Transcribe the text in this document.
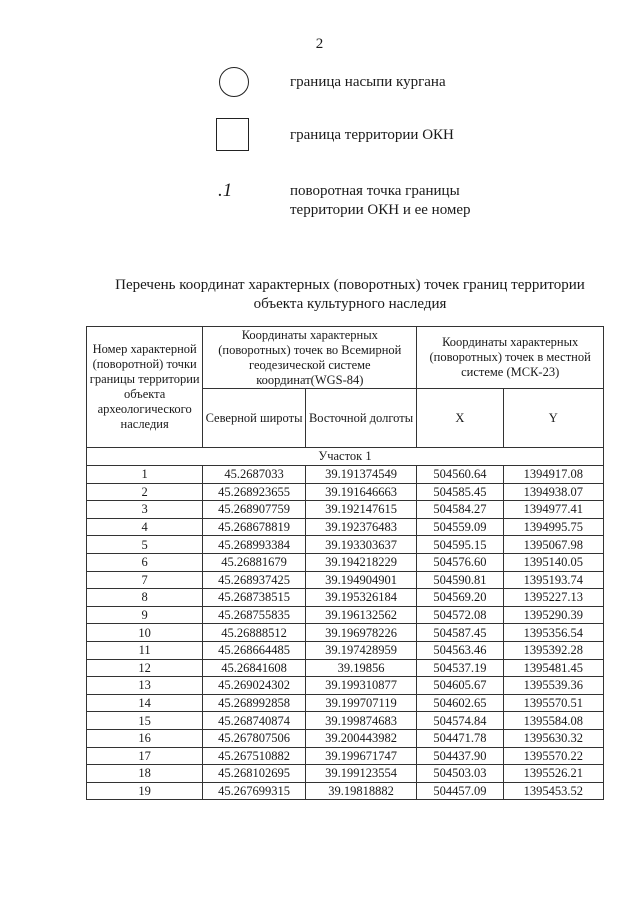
2
граница насыпи кургана
граница территории ОКН
.1	поворотная точка границы
территории ОКН и ее номер
Перечень координат характерных (поворотных) точек границ территории
объекта культурного наследия
Номер характерной (поворотной) точки границы территории объекта археологического наследия	Координаты характерных (поворотных) точек во Всемирной геодезической системе координат(WGS-84)		Координаты характерных (поворотных) точек в местной системе (МСК-23)	
	Северной широты	Восточной долготы	X	Y
Участок 1				
1	45.2687033	39.191374549	504560.64	1394917.08
2	45.268923655	39.191646663	504585.45	1394938.07
3	45.268907759	39.192147615	504584.27	1394977.41
4	45.268678819	39.192376483	504559.09	1394995.75
5	45.268993384	39.193303637	504595.15	1395067.98
6	45.26881679	39.194218229	504576.60	1395140.05
7	45.268937425	39.194904901	504590.81	1395193.74
8	45.268738515	39.195326184	504569.20	1395227.13
9	45.268755835	39.196132562	504572.08	1395290.39
10	45.26888512	39.196978226	504587.45	1395356.54
11	45.268664485	39.197428959	504563.46	1395392.28
12	45.26841608	39.19856	504537.19	1395481.45
13	45.269024302	39.199310877	504605.67	1395539.36
14	45.268992858	39.199707119	504602.65	1395570.51
15	45.268740874	39.199874683	504574.84	1395584.08
16	45.267807506	39.200443982	504471.78	1395630.32
17	45.267510882	39.199671747	504437.90	1395570.22
18	45.268102695	39.199123554	504503.03	1395526.21
19	45.267699315	39.19818882	504457.09	1395453.52
